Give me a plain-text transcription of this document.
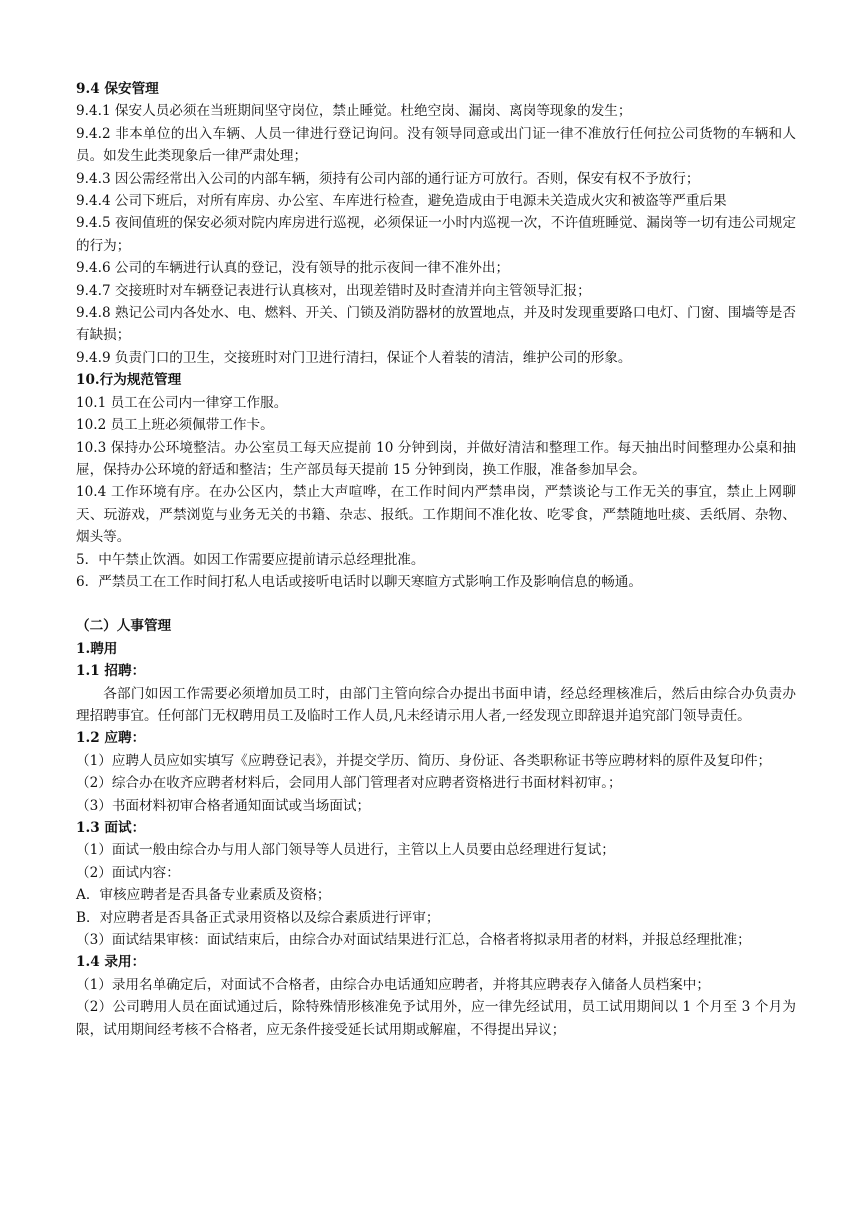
9.4 保安管理
9.4.1 保安人员必须在当班期间坚守岗位，禁止睡觉。杜绝空岗、漏岗、离岗等现象的发生；
9.4.2 非本单位的出入车辆、人员一律进行登记询问。没有领导同意或出门证一律不准放行任何拉公司货物的车辆和人员。如发生此类现象后一律严肃处理；
9.4.3 因公需经常出入公司的内部车辆，须持有公司内部的通行证方可放行。否则，保安有权不予放行；
9.4.4 公司下班后，对所有库房、办公室、车库进行检查，避免造成由于电源未关造成火灾和被盗等严重后果
9.4.5 夜间值班的保安必须对院内库房进行巡视，必须保证一小时内巡视一次，不许值班睡觉、漏岗等一切有违公司规定的行为；
9.4.6 公司的车辆进行认真的登记，没有领导的批示夜间一律不准外出；
9.4.7 交接班时对车辆登记表进行认真核对，出现差错时及时查清并向主管领导汇报；
9.4.8 熟记公司内各处水、电、燃料、开关、门锁及消防器材的放置地点，并及时发现重要路口电灯、门窗、围墙等是否有缺损；
9.4.9 负责门口的卫生，交接班时对门卫进行清扫，保证个人着装的清洁，维护公司的形象。
10.行为规范管理
10.1 员工在公司内一律穿工作服。
10.2 员工上班必须佩带工作卡。
10.3 保持办公环境整洁。办公室员工每天应提前 10 分钟到岗，并做好清洁和整理工作。每天抽出时间整理办公桌和抽屉，保持办公环境的舒适和整洁；生产部员每天提前 15 分钟到岗，换工作服，准备参加早会。
10.4 工作环境有序。在办公区内，禁止大声喧哗，在工作时间内严禁串岗，严禁谈论与工作无关的事宜，禁止上网聊天、玩游戏，严禁浏览与业务无关的书籍、杂志、报纸。工作期间不准化妆、吃零食，严禁随地吐痰、丢纸屑、杂物、烟头等。
5．中午禁止饮酒。如因工作需要应提前请示总经理批准。
6．严禁员工在工作时间打私人电话或接听电话时以聊天寒暄方式影响工作及影响信息的畅通。
（二）人事管理
1.聘用
1.1 招聘：
各部门如因工作需要必须增加员工时，由部门主管向综合办提出书面申请，经总经理核准后，然后由综合办负责办理招聘事宜。任何部门无权聘用员工及临时工作人员,凡未经请示用人者,一经发现立即辞退并追究部门领导责任。
1.2 应聘：
（1）应聘人员应如实填写《应聘登记表》，并提交学历、简历、身份证、各类职称证书等应聘材料的原件及复印件；
（2）综合办在收齐应聘者材料后，会同用人部门管理者对应聘者资格进行书面材料初审。；
（3）书面材料初审合格者通知面试或当场面试；
1.3 面试：
（1）面试一般由综合办与用人部门领导等人员进行，主管以上人员要由总经理进行复试；
（2）面试内容：
A．审核应聘者是否具备专业素质及资格；
B．对应聘者是否具备正式录用资格以及综合素质进行评审；
（3）面试结果审核：面试结束后，由综合办对面试结果进行汇总，合格者将拟录用者的材料，并报总经理批准；
1.4 录用：
（1）录用名单确定后，对面试不合格者，由综合办电话通知应聘者，并将其应聘表存入储备人员档案中；
（2）公司聘用人员在面试通过后，除特殊情形核准免予试用外，应一律先经试用，员工试用期间以 1 个月至 3 个月为限，试用期间经考核不合格者，应无条件接受延长试用期或解雇，不得提出异议；
